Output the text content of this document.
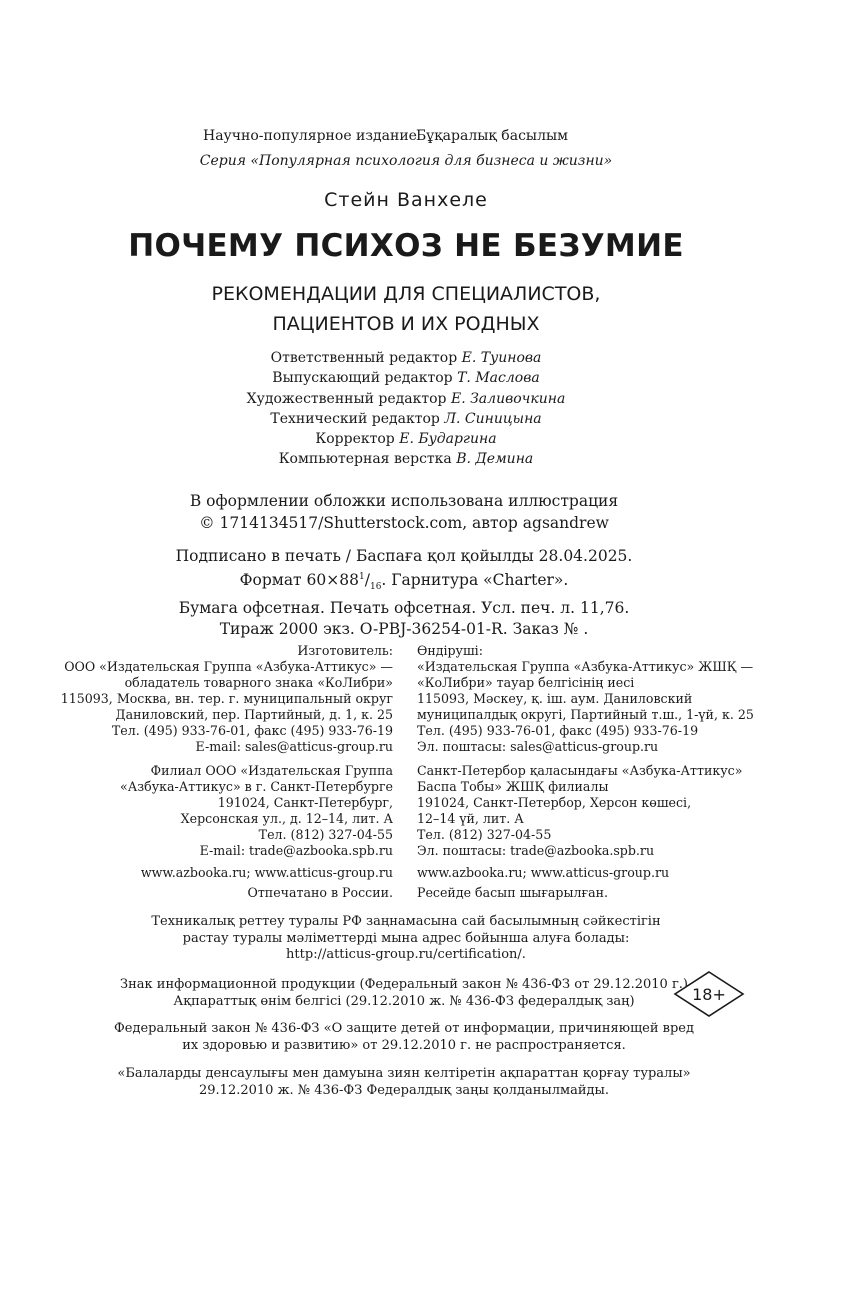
Научно-популярное издание Бұқаралық басылым
Серия «Популярная психология для бизнеса и жизни»
Стейн Ванхеле
ПОЧЕМУ ПСИХОЗ НЕ БЕЗУМИЕ
РЕКОМЕНДАЦИИ ДЛЯ СПЕЦИАЛИСТОВ,
ПАЦИЕНТОВ И ИХ РОДНЫХ
Ответственный редактор Е. Туинова
Выпускающий редактор Т. Маслова
Художественный редактор Е. Заливочкина
Технический редактор Л. Синицына
Корректор Е. Бударгина
Компьютерная верстка В. Демина
В оформлении обложки использована иллюстрация
© 1714134517/Shutterstock.com, автор agsandrew
Подписано в печать / Баспаға қол қойылды 28.04.2025.
Формат $60\times 88^1/_{16}$. Гарнитура «Charter».
Бумага офсетная. Печать офсетная. Усл. печ. л. 11,76.
Тираж 2000 экз. O-PBJ-36254-01-R. Заказ № .
Изготовитель:
ООО «Издательская Группа «Азбука-Аттикус» —
обладатель товарного знака «КоЛибри»
115093, Москва, вн. тер. г. муниципальный округ
Даниловский, пер. Партийный, д. 1, к. 25
Тел. (495) 933-76-01, факс (495) 933-76-19
E-mail: sales@atticus-group.ru
Филиал ООО «Издательская Группа
«Азбука-Аттикус» в г. Санкт-Петербурге
191024, Санкт-Петербург,
Херсонская ул., д. 12–14, лит. А
Тел. (812) 327-04-55
E-mail: trade@azbooka.spb.ru
www.azbooka.ru; www.atticus-group.ru
Отпечатано в России.
Өндіруші:
«Издательская Группа «Азбука-Аттикус» ЖШҚ —
«КоЛибри» тауар белгісінің иесі
115093, Мәскеу, қ. іш. аум. Даниловский
муниципалдық округі, Партийный т.ш., 1-үй, к. 25
Тел. (495) 933-76-01, факс (495) 933-76-19
Эл. поштасы: sales@atticus-group.ru
Санкт-Петербор қаласындағы «Азбука-Аттикус»
Баспа Тобы» ЖШҚ филиалы
191024, Санкт-Петербор, Херсон көшесі,
12–14 үй, лит. А
Тел. (812) 327-04-55
Эл. поштасы: trade@azbooka.spb.ru
www.azbooka.ru; www.atticus-group.ru
Ресейде басып шығарылған.
Техникалық реттеу туралы РФ заңнамасына сай басылымның сәйкестігін
растау туралы мәліметтерді мына адрес бойынша алуға болады:
http://atticus-group.ru/certification/.
Знак информационной продукции (Федеральный закон № 436-ФЗ от 29.12.2010 г.)
Ақпараттық өнім белгісі (29.12.2010 ж. № 436-ФЗ федералдық заң)	18+
Федеральный закон № 436-ФЗ «О защите детей от информации, причиняющей вред
их здоровью и развитию» от 29.12.2010 г. не распространяется.
«Балаларды денсаулығы мен дамуына зиян келтіретін ақпараттан қорғау туралы»
29.12.2010 ж. № 436-ФЗ Федералдық заңы қолданылмайды.
